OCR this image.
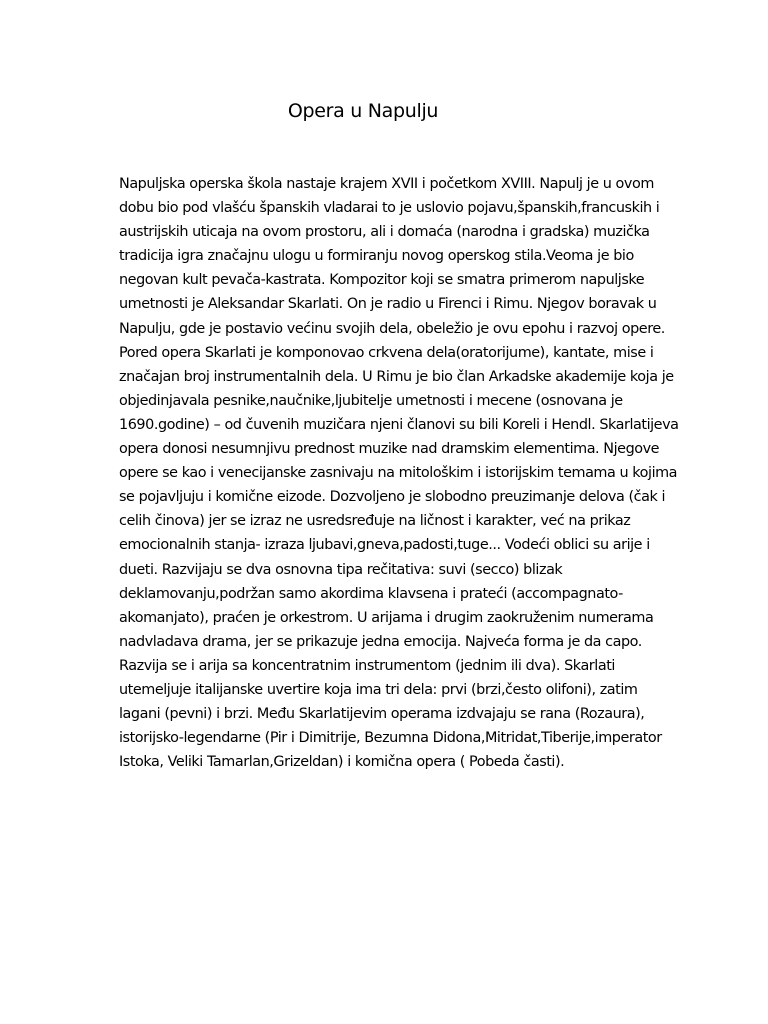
Opera u Napulju
Napuljska operska škola nastaje krajem XVII i početkom XVIII. Napulj je u ovom
dobu bio pod vlašću španskih vladarai to je uslovio pojavu,španskih,francuskih i
austrijskih uticaja na ovom prostoru, ali i domaća (narodna i gradska) muzička
tradicija igra značajnu ulogu u formiranju novog operskog stila.Veoma je bio
negovan kult pevača-kastrata. Kompozitor koji se smatra primerom napuljske
umetnosti je Aleksandar Skarlati. On je radio u Firenci i Rimu. Njegov boravak u
Napulju, gde je postavio većinu svojih dela, obeležio je ovu epohu i razvoj opere.
Pored opera Skarlati je komponovao crkvena dela(oratorijume), kantate, mise i
značajan broj instrumentalnih dela. U Rimu je bio član Arkadske akademije koja je
objedinjavala pesnike,naučnike,ljubitelje umetnosti i mecene (osnovana je
1690.godine) – od čuvenih muzičara njeni članovi su bili Koreli i Hendl. Skarlatijeva
opera donosi nesumnjivu prednost muzike nad dramskim elementima. Njegove
opere se kao i venecijanske zasnivaju na mitološkim i istorijskim temama u kojima
se pojavljuju i komične eizode. Dozvoljeno je slobodno preuzimanje delova (čak i
celih činova) jer se izraz ne usredsređuje na ličnost i karakter, već na prikaz
emocionalnih stanja- izraza ljubavi,gneva,padosti,tuge... Vodeći oblici su arije i
dueti. Razvijaju se dva osnovna tipa rečitativa: suvi (secco) blizak
deklamovanju,podržan samo akordima klavsena i prateći (accompagnato-
akomanjato), praćen je orkestrom. U arijama i drugim zaokruženim numerama
nadvladava drama, jer se prikazuje jedna emocija. Najveća forma je da capo.
Razvija se i arija sa koncentratnim instrumentom (jednim ili dva). Skarlati
utemeljuje italijanske uvertire koja ima tri dela: prvi (brzi,često olifoni), zatim
lagani (pevni) i brzi. Među Skarlatijevim operama izdvajaju se rana (Rozaura),
istorijsko-legendarne (Pir i Dimitrije, Bezumna Didona,Mitridat,Tiberije,imperator
Istoka, Veliki Tamarlan,Grizeldan) i komična opera ( Pobeda časti).
